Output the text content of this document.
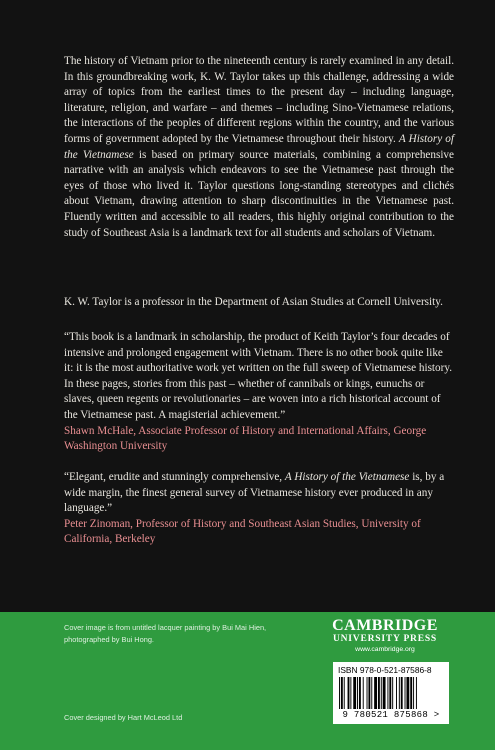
The history of Vietnam prior to the nineteenth century is rarely examined in any detail. In this groundbreaking work, K. W. Taylor takes up this challenge, addressing a wide array of topics from the earliest times to the present day – including language, literature, religion, and warfare – and themes – including Sino-Vietnamese relations, the interactions of the peoples of different regions within the country, and the various forms of government adopted by the Vietnamese throughout their history. A History of the Vietnamese is based on primary source materials, combining a comprehensive narrative with an analysis which endeavors to see the Vietnamese past through the eyes of those who lived it. Taylor questions long-standing stereotypes and clichés about Vietnam, drawing attention to sharp discontinuities in the Vietnamese past. Fluently written and accessible to all readers, this highly original contribution to the study of Southeast Asia is a landmark text for all students and scholars of Vietnam.

K. W. Taylor is a professor in the Department of Asian Studies at Cornell University.

“This book is a landmark in scholarship, the product of Keith Taylor’s four decades of intensive and prolonged engagement with Vietnam. There is no other book quite like it: it is the most authoritative work yet written on the full sweep of Vietnamese history. In these pages, stories from this past – whether of cannibals or kings, eunuchs or slaves, queen regents or revolutionaries – are woven into a rich historical account of the Vietnamese past. A magisterial achievement.”
Shawn McHale, Associate Professor of History and International Affairs, George Washington University

“Elegant, erudite and stunningly comprehensive, A History of the Vietnamese is, by a wide margin, the finest general survey of Vietnamese history ever produced in any language.”
Peter Zinoman, Professor of History and Southeast Asian Studies, University of California, Berkeley

Cover image is from untitled lacquer painting by Bui Mai Hien, photographed by Bui Hong.

Cover designed by Hart McLeod Ltd

CAMBRIDGE
UNIVERSITY PRESS
www.cambridge.org
ISBN 978-0-521-87586-8
9 780521 875868 >
